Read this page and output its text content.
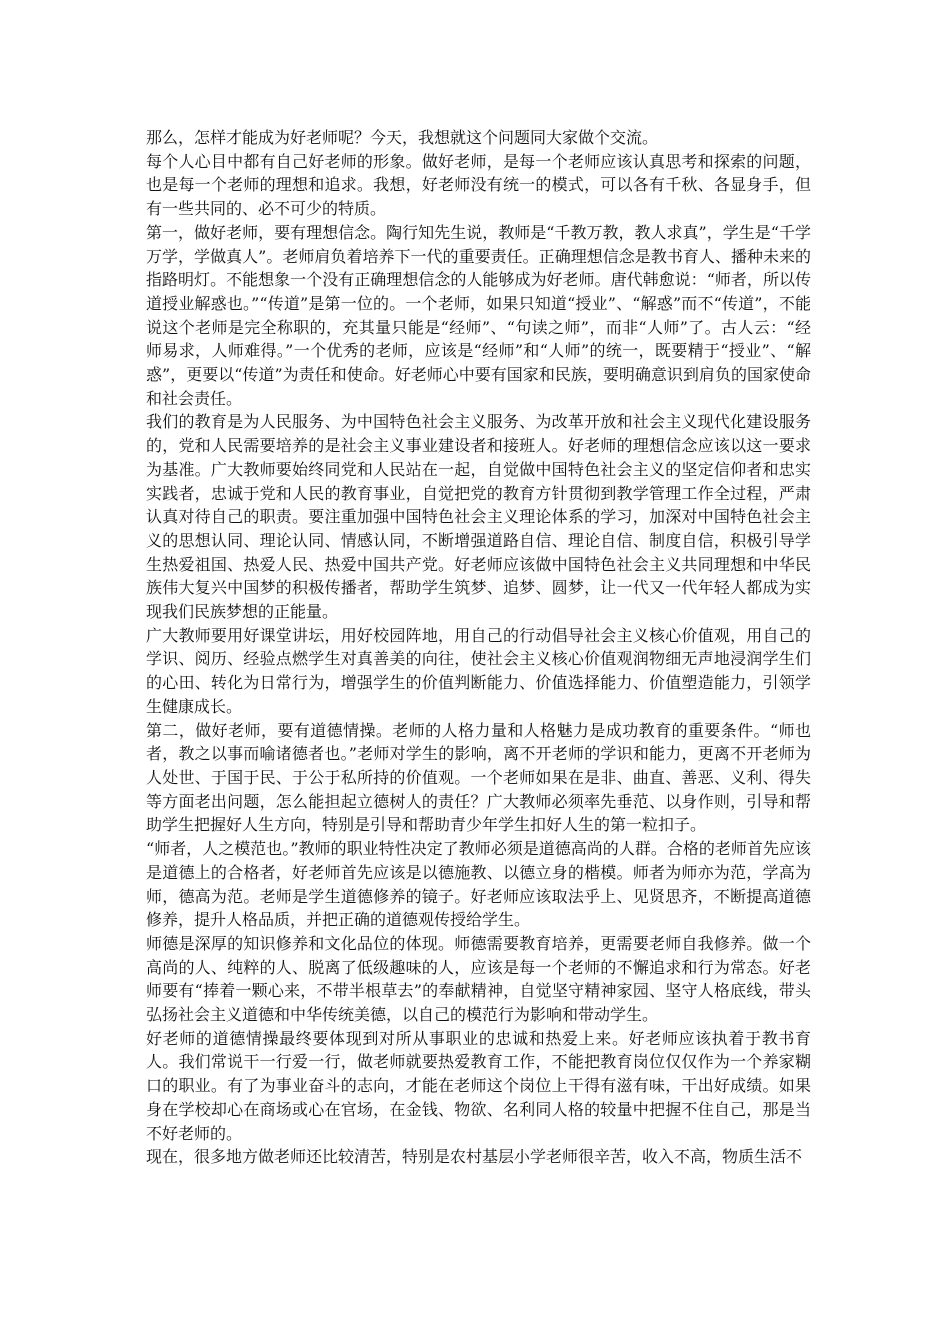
那么，怎样才能成为好老师呢？今天，我想就这个问题同大家做个交流。

每个人心目中都有自己好老师的形象。做好老师，是每一个老师应该认真思考和探索的问题，也是每一个老师的理想和追求。我想，好老师没有统一的模式，可以各有千秋、各显身手，但有一些共同的、必不可少的特质。

第一，做好老师，要有理想信念。陶行知先生说，教师是“千教万教，教人求真”，学生是“千学万学，学做真人”。老师肩负着培养下一代的重要责任。正确理想信念是教书育人、播种未来的指路明灯。不能想象一个没有正确理想信念的人能够成为好老师。唐代韩愈说：“师者，所以传道授业解惑也。”“传道”是第一位的。一个老师，如果只知道“授业”、“解惑”而不“传道”，不能说这个老师是完全称职的，充其量只能是“经师”、“句读之师”，而非“人师”了。古人云：“经师易求，人师难得。”一个优秀的老师，应该是“经师”和“人师”的统一，既要精于“授业”、“解惑”，更要以“传道”为责任和使命。好老师心中要有国家和民族，要明确意识到肩负的国家使命和社会责任。

我们的教育是为人民服务、为中国特色社会主义服务、为改革开放和社会主义现代化建设服务的，党和人民需要培养的是社会主义事业建设者和接班人。好老师的理想信念应该以这一要求为基准。广大教师要始终同党和人民站在一起，自觉做中国特色社会主义的坚定信仰者和忠实实践者，忠诚于党和人民的教育事业，自觉把党的教育方针贯彻到教学管理工作全过程，严肃认真对待自己的职责。要注重加强中国特色社会主义理论体系的学习，加深对中国特色社会主义的思想认同、理论认同、情感认同，不断增强道路自信、理论自信、制度自信，积极引导学生热爱祖国、热爱人民、热爱中国共产党。好老师应该做中国特色社会主义共同理想和中华民族伟大复兴中国梦的积极传播者，帮助学生筑梦、追梦、圆梦，让一代又一代年轻人都成为实现我们民族梦想的正能量。

广大教师要用好课堂讲坛，用好校园阵地，用自己的行动倡导社会主义核心价值观，用自己的学识、阅历、经验点燃学生对真善美的向往，使社会主义核心价值观润物细无声地浸润学生们的心田、转化为日常行为，增强学生的价值判断能力、价值选择能力、价值塑造能力，引领学生健康成长。

第二，做好老师，要有道德情操。老师的人格力量和人格魅力是成功教育的重要条件。“师也者，教之以事而喻诸德者也。”老师对学生的影响，离不开老师的学识和能力，更离不开老师为人处世、于国于民、于公于私所持的价值观。一个老师如果在是非、曲直、善恶、义利、得失等方面老出问题，怎么能担起立德树人的责任？广大教师必须率先垂范、以身作则，引导和帮助学生把握好人生方向，特别是引导和帮助青少年学生扣好人生的第一粒扣子。

“师者，人之模范也。”教师的职业特性决定了教师必须是道德高尚的人群。合格的老师首先应该是道德上的合格者，好老师首先应该是以德施教、以德立身的楷模。师者为师亦为范，学高为师，德高为范。老师是学生道德修养的镜子。好老师应该取法乎上、见贤思齐，不断提高道德修养，提升人格品质，并把正确的道德观传授给学生。

师德是深厚的知识修养和文化品位的体现。师德需要教育培养，更需要老师自我修养。做一个高尚的人、纯粹的人、脱离了低级趣味的人，应该是每一个老师的不懈追求和行为常态。好老师要有“捧着一颗心来，不带半根草去”的奉献精神，自觉坚守精神家园、坚守人格底线，带头弘扬社会主义道德和中华传统美德，以自己的模范行为影响和带动学生。

好老师的道德情操最终要体现到对所从事职业的忠诚和热爱上来。好老师应该执着于教书育人。我们常说干一行爱一行，做老师就要热爱教育工作，不能把教育岗位仅仅作为一个养家糊口的职业。有了为事业奋斗的志向，才能在老师这个岗位上干得有滋有味，干出好成绩。如果身在学校却心在商场或心在官场，在金钱、物欲、名利同人格的较量中把握不住自己，那是当不好老师的。

现在，很多地方做老师还比较清苦，特别是农村基层小学老师很辛苦，收入不高，物质生活不
